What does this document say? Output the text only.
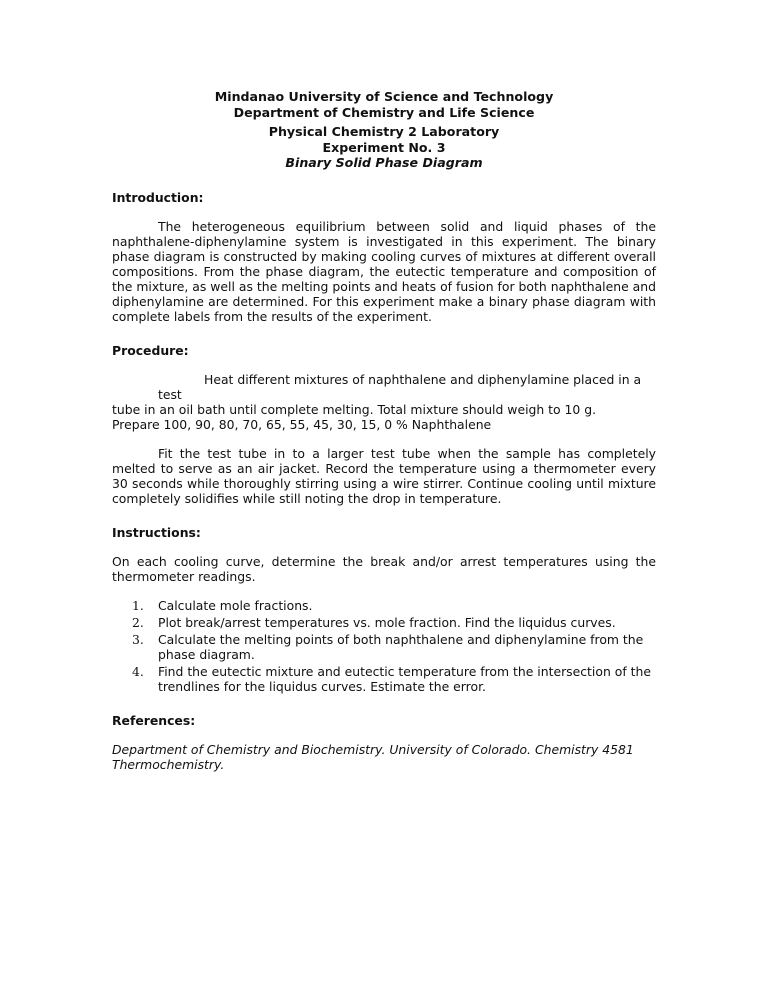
Mindanao University of Science and Technology
Department of Chemistry and Life Science
Physical Chemistry 2 Laboratory
Experiment No. 3
Binary Solid Phase Diagram
Introduction:

The heterogeneous equilibrium between solid and liquid phases of the naphthalene-diphenylamine system is investigated in this experiment. The binary phase diagram is constructed by making cooling curves of mixtures at different overall compositions. From the phase diagram, the eutectic temperature and composition of the mixture, as well as the melting points and heats of fusion for both naphthalene and diphenylamine are determined. For this experiment make a binary phase diagram with complete labels from the results of the experiment.

Procedure:

Heat different mixtures of naphthalene and diphenylamine placed in a test
tube in an oil bath until complete melting. Total mixture should weigh to 10 g.
Prepare 100, 90, 80, 70, 65, 55, 45, 30, 15, 0 % Naphthalene

Fit the test tube in to a larger test tube when the sample has completely melted to serve as an air jacket. Record the temperature using a thermometer every 30 seconds while thoroughly stirring using a wire stirrer. Continue cooling until mixture completely solidifies while still noting the drop in temperature.

Instructions:

On each cooling curve, determine the break and/or arrest temperatures using the thermometer readings.

1. Calculate mole fractions.
2. Plot break/arrest temperatures vs. mole fraction. Find the liquidus curves.
3. Calculate the melting points of both naphthalene and diphenylamine from the phase diagram.
4. Find the eutectic mixture and eutectic temperature from the intersection of the trendlines for the liquidus curves. Estimate the error.
References:

Department of Chemistry and Biochemistry. University of Colorado. Chemistry 4581 Thermochemistry.
